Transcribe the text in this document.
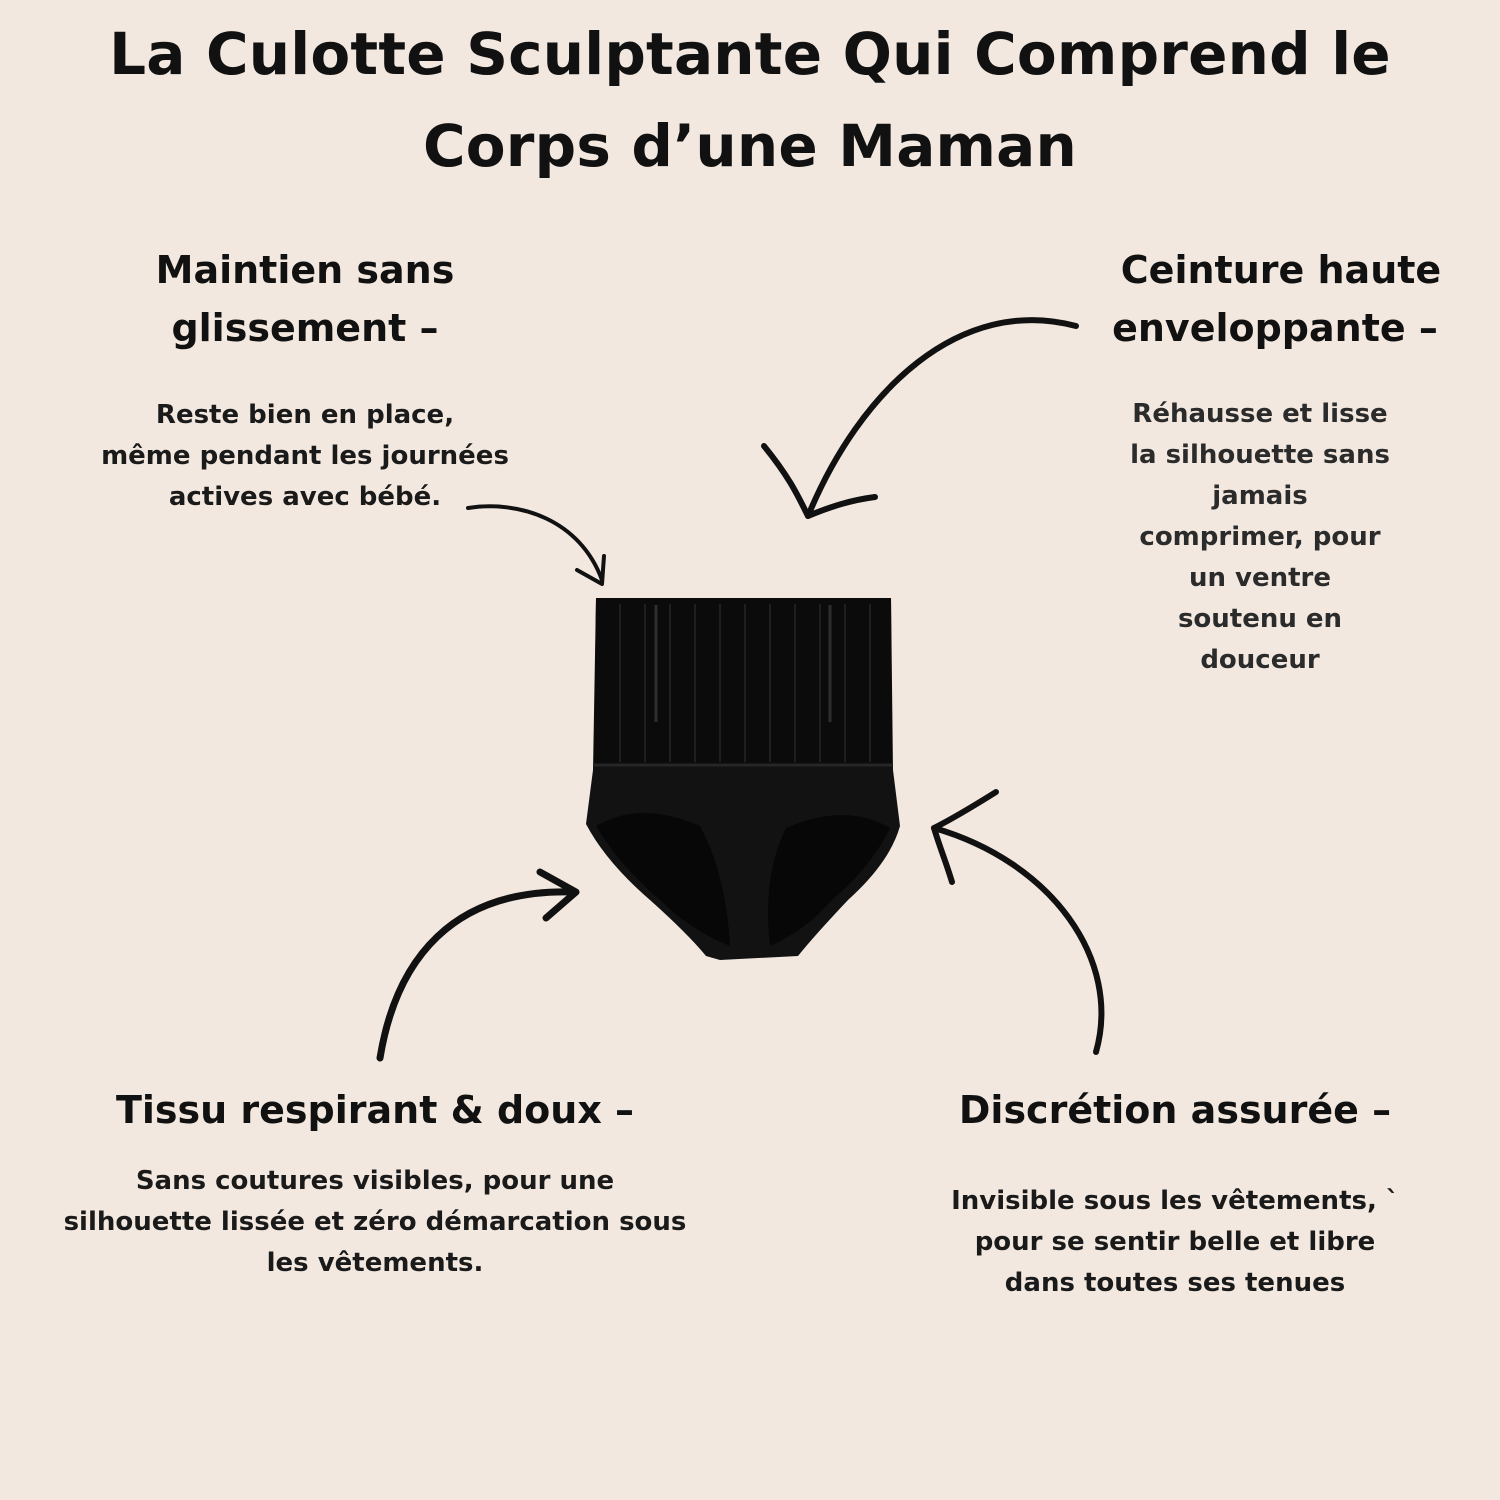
La Culotte Sculptante Qui Comprend le
Corps d’une Maman
Maintien sans
glissement –

Reste bien en place,
même pendant les journées
actives avec bébé.

Ceinture haute
enveloppante –

Réhausse et lisse
la silhouette sans
jamais
comprimer, pour
un ventre
soutenu en
douceur

Tissu respirant & doux –

Sans coutures visibles, pour une
silhouette lissée et zéro démarcation sous
les vêtements.

Discrétion assurée –

Invisible sous les vêtements, `
pour se sentir belle et libre
dans toutes ses tenues
